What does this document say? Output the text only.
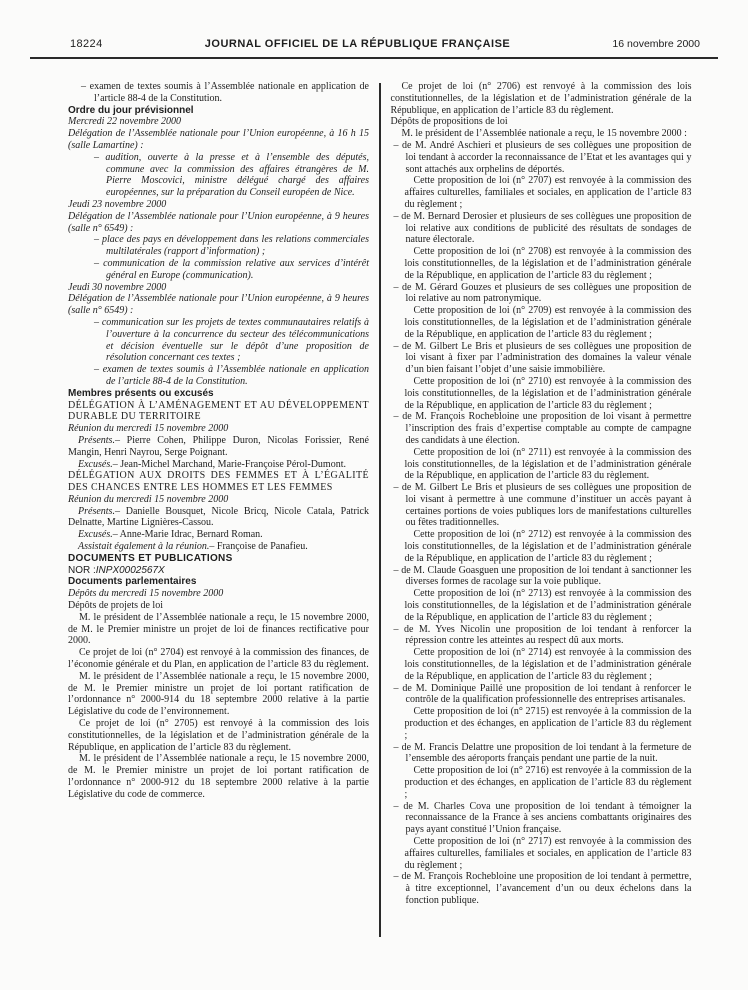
18224	JOURNAL OFFICIEL DE LA RÉPUBLIQUE FRANÇAISE	16 novembre 2000

– examen de textes soumis à l’Assemblée nationale en application de l’article 88-4 de la Constitution.

Ordre du jour prévisionnel
Mercredi 22 novembre 2000

Délégation de l’Assemblée nationale pour l’Union européenne, à 16 h 15 (salle Lamartine) :

– audition, ouverte à la presse et à l’ensemble des députés, commune avec la commission des affaires étrangères de M. Pierre Moscovici, ministre délégué chargé des affaires européennes, sur la préparation du Conseil européen de Nice.

Jeudi 23 novembre 2000

Délégation de l’Assemblée nationale pour l’Union européenne, à 9 heures (salle n° 6549) :

– place des pays en développement dans les relations commerciales multilatérales (rapport d’information) ;

– communication de la commission relative aux services d’intérêt général en Europe (communication).

Jeudi 30 novembre 2000

Délégation de l’Assemblée nationale pour l’Union européenne, à 9 heures (salle n° 6549) :

– communication sur les projets de textes communautaires relatifs à l’ouverture à la concurrence du secteur des télécommunications et décision éventuelle sur le dépôt d’une proposition de résolution concernant ces textes ;

– examen de textes soumis à l’Assemblée nationale en application de l’article 88-4 de la Constitution.

Membres présents ou excusés
DÉLÉGATION À L’AMÉNAGEMENT ET AU DÉVELOPPEMENT DURABLE DU TERRITOIRE
Réunion du mercredi 15 novembre 2000

Présents.– Pierre Cohen, Philippe Duron, Nicolas Forissier, René Mangin, Henri Nayrou, Serge Poignant.

Excusés.– Jean-Michel Marchand, Marie-Françoise Pérol-Dumont.

DÉLÉGATION AUX DROITS DES FEMMES ET À L’ÉGALITÉ DES CHANCES ENTRE LES HOMMES ET LES FEMMES
Réunion du mercredi 15 novembre 2000

Présents.– Danielle Bousquet, Nicole Bricq, Nicole Catala, Patrick Delnatte, Martine Lignières-Cassou.

Excusés.– Anne-Marie Idrac, Bernard Roman.

Assistait également à la réunion.– Françoise de Panafieu.

DOCUMENTS ET PUBLICATIONS

NOR :INPX0002567X

Documents parlementaires
Dépôts du mercredi 15 novembre 2000
Dépôts de projets de loi

M. le président de l’Assemblée nationale a reçu, le 15 novembre 2000, de M. le Premier ministre un projet de loi de finances rectificative pour 2000.

Ce projet de loi (n° 2704) est renvoyé à la commission des finances, de l’économie générale et du Plan, en application de l’article 83 du règlement.

M. le président de l’Assemblée nationale a reçu, le 15 novembre 2000, de M. le Premier ministre un projet de loi portant ratification de l’ordonnance n° 2000-914 du 18 septembre 2000 relative à la partie Législative du code de l’environnement.

Ce projet de loi (n° 2705) est renvoyé à la commission des lois constitutionnelles, de la législation et de l’administration générale de la République, en application de l’article 83 du règlement.

M. le président de l’Assemblée nationale a reçu, le 15 novembre 2000, de M. le Premier ministre un projet de loi portant ratification de l’ordonnance n° 2000-912 du 18 septembre 2000 relative à la partie Législative du code de commerce.

Ce projet de loi (n° 2706) est renvoyé à la commission des lois constitutionnelles, de la législation et de l’administration générale de la République, en application de l’article 83 du règlement.

Dépôts de propositions de loi

M. le président de l’Assemblée nationale a reçu, le 15 novembre 2000 :

– de M. André Aschieri et plusieurs de ses collègues une proposition de loi tendant à accorder la reconnaissance de l’Etat et les avantages qui y sont attachés aux orphelins de déportés.

Cette proposition de loi (n° 2707) est renvoyée à la commission des affaires culturelles, familiales et sociales, en application de l’article 83 du règlement ;

– de M. Bernard Derosier et plusieurs de ses collègues une proposition de loi relative aux conditions de publicité des résultats de sondages de nature électorale.

Cette proposition de loi (n° 2708) est renvoyée à la commission des lois constitutionnelles, de la législation et de l’administration générale de la République, en application de l’article 83 du règlement ;

– de M. Gérard Gouzes et plusieurs de ses collègues une proposition de loi relative au nom patronymique.

Cette proposition de loi (n° 2709) est renvoyée à la commission des lois constitutionnelles, de la législation et de l’administration générale de la République, en application de l’article 83 du règlement ;

– de M. Gilbert Le Bris et plusieurs de ses collègues une proposition de loi visant à fixer par l’administration des domaines la valeur vénale d’un bien faisant l’objet d’une saisie immobilière.

Cette proposition de loi (n° 2710) est renvoyée à la commission des lois constitutionnelles, de la législation et de l’administration générale de la République, en application de l’article 83 du règlement ;

– de M. François Rochebloine une proposition de loi visant à permettre l’inscription des frais d’expertise comptable au compte de campagne des candidats à une élection.

Cette proposition de loi (n° 2711) est renvoyée à la commission des lois constitutionnelles, de la législation et de l’administration générale de la République, en application de l’article 83 du règlement.

– de M. Gilbert Le Bris et plusieurs de ses collègues une proposition de loi visant à permettre à une commune d’instituer un accès payant à certaines portions de voies publiques lors de manifestations culturelles ou fêtes traditionnelles.

Cette proposition de loi (n° 2712) est renvoyée à la commission des lois constitutionnelles, de la législation et de l’administration générale de la République, en application de l’article 83 du règlement ;

– de M. Claude Goasguen une proposition de loi tendant à sanctionner les diverses formes de racolage sur la voie publique.

Cette proposition de loi (n° 2713) est renvoyée à la commission des lois constitutionnelles, de la législation et de l’administration générale de la République, en application de l’article 83 du règlement ;

– de M. Yves Nicolin une proposition de loi tendant à renforcer la répression contre les atteintes au respect dû aux morts.

Cette proposition de loi (n° 2714) est renvoyée à la commission des lois constitutionnelles, de la législation et de l’administration générale de la République, en application de l’article 83 du règlement ;

– de M. Dominique Paillé une proposition de loi tendant à renforcer le contrôle de la qualification professionnelle des entreprises artisanales.

Cette proposition de loi (n° 2715) est renvoyée à la commission de la production et des échanges, en application de l’article 83 du règlement ;

– de M. Francis Delattre une proposition de loi tendant à la fermeture de l’ensemble des aéroports français pendant une partie de la nuit.

Cette proposition de loi (n° 2716) est renvoyée à la commission de la production et des échanges, en application de l’article 83 du règlement ;

– de M. Charles Cova une proposition de loi tendant à témoigner la reconnaissance de la France à ses anciens combattants originaires des pays ayant constitué l’Union française.

Cette proposition de loi (n° 2717) est renvoyée à la commission des affaires culturelles, familiales et sociales, en application de l’article 83 du règlement ;

– de M. François Rochebloine une proposition de loi tendant à permettre, à titre exceptionnel, l’avancement d’un ou deux échelons dans la fonction publique.
